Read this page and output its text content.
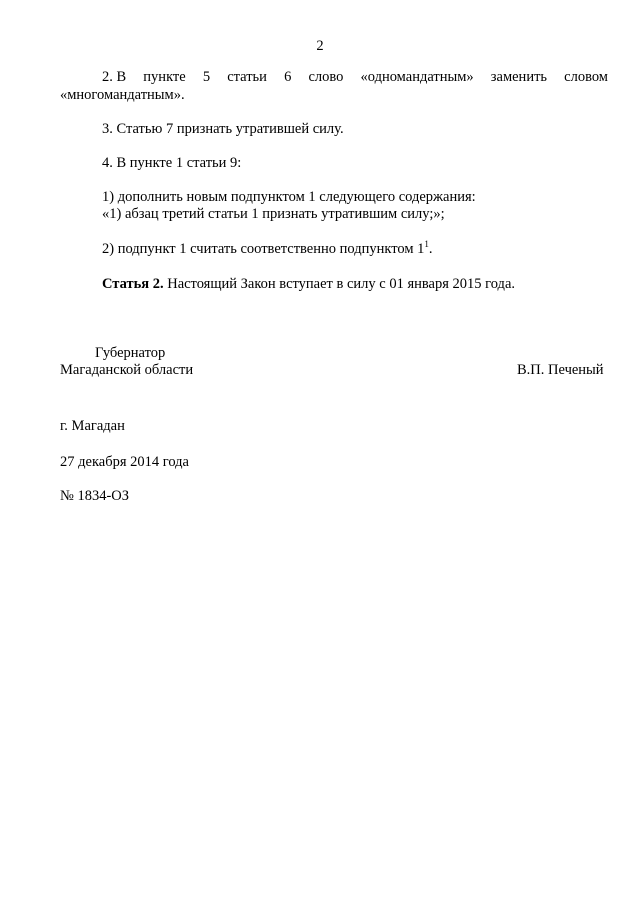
2
2. В пункте 5 статьи 6 слово «одномандатным» заменить словом
«многомандатным».
3. Статью 7 признать утратившей силу.
4. В пункте 1 статьи 9:
1) дополнить новым подпунктом 1 следующего содержания:
«1) абзац третий статьи 1 признать утратившим силу;»;
2) подпункт 1 считать соответственно подпунктом $1^1$.
Статья 2. Настоящий Закон вступает в силу с 01 января 2015 года.
Губернатор
Магаданской области	В.П. Печеный
г. Магадан
27 декабря 2014 года
№ 1834-ОЗ
